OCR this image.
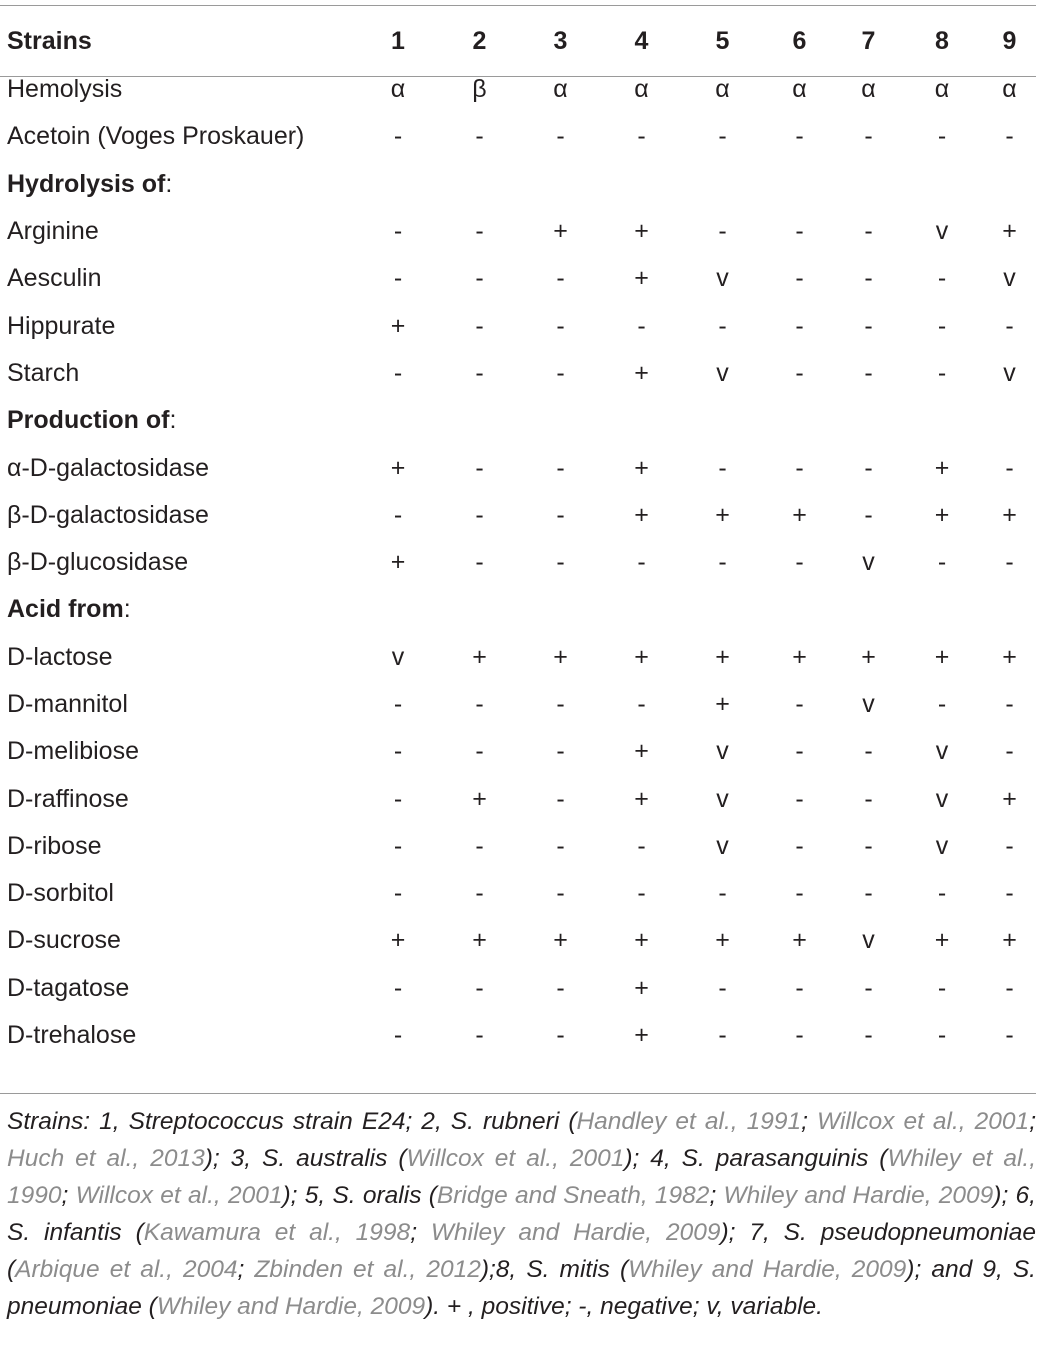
Strains	1	2	3	4	5	6	7	8	9
Hemolysis	α	β	α	α	α	α	α	α	α
Acetoin (Voges Proskauer)	-	-	-	-	-	-	-	-	-
Hydrolysis of:									
Arginine	-	-	+	+	-	-	-	v	+
Aesculin	-	-	-	+	v	-	-	-	v
Hippurate	+	-	-	-	-	-	-	-	-
Starch	-	-	-	+	v	-	-	-	v
Production of:									
α-D-galactosidase	+	-	-	+	-	-	-	+	-
β-D-galactosidase	-	-	-	+	+	+	-	+	+
β-D-glucosidase	+	-	-	-	-	-	v	-	-
Acid from:									
D-lactose	v	+	+	+	+	+	+	+	+
D-mannitol	-	-	-	-	+	-	v	-	-
D-melibiose	-	-	-	+	v	-	-	v	-
D-raffinose	-	+	-	+	v	-	-	v	+
D-ribose	-	-	-	-	v	-	-	v	-
D-sorbitol	-	-	-	-	-	-	-	-	-
D-sucrose	+	+	+	+	+	+	v	+	+
D-tagatose	-	-	-	+	-	-	-	-	-
D-trehalose	-	-	-	+	-	-	-	-	-
Strains: 1, Streptococcus strain E24; 2, S. rubneri (Handley et al., 1991; Willcox et al., 2001; Huch et al., 2013); 3, S. australis (Willcox et al., 2001); 4, S. parasanguinis (Whiley et al., 1990; Willcox et al., 2001); 5, S. oralis (Bridge and Sneath, 1982; Whiley and Hardie, 2009); 6, S. infantis (Kawamura et al., 1998; Whiley and Hardie, 2009); 7, S. pseudopneumoniae (Arbique et al., 2004; Zbinden et al., 2012);8, S. mitis (Whiley and Hardie, 2009); and 9, S. pneumoniae (Whiley and Hardie, 2009). + , positive; -, negative; v, variable.
